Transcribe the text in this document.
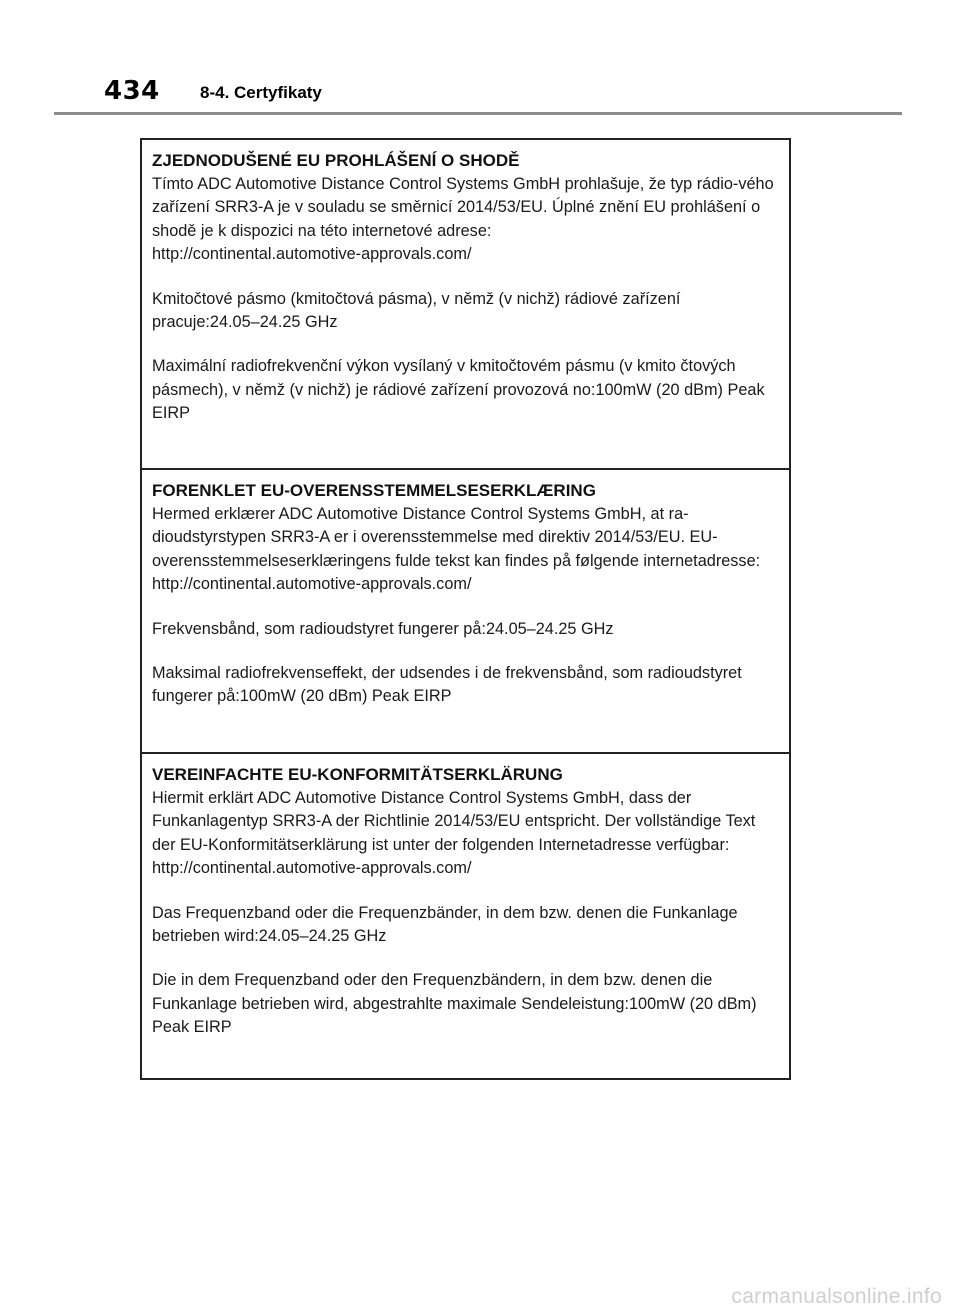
434 8-4. Certyfikaty
ZJEDNODUŠENÉ EU PROHLÁŠENÍ O SHODĚ

Tímto ADC Automotive Distance Control Systems GmbH prohlašuje, že typ rádio-vého zařízení SRR3-A je v souladu se směrnicí 2014/53/EU. Úplné znění EU prohlášení o shodě je k dispozici na této internetové adrese:
http://continental.automotive-approvals.com/

Kmitočtové pásmo (kmitočtová pásma), v němž (v nichž) rádiové zařízení pracuje:24.05–24.25 GHz

Maximální radiofrekvenční výkon vysílaný v kmitočtovém pásmu (v kmito čtových pásmech), v němž (v nichž) je rádiové zařízení provozová no:100mW (20 dBm) Peak EIRP

FORENKLET EU-OVERENSSTEMMELSESERKLÆRING

Hermed erklærer ADC Automotive Distance Control Systems GmbH, at ra-dioudstyrstypen SRR3-A er i overensstemmelse med direktiv 2014/53/EU. EU-overensstemmelseserklæringens fulde tekst kan findes på følgende internetadresse:
http://continental.automotive-approvals.com/

Frekvensbånd, som radioudstyret fungerer på:24.05–24.25 GHz

Maksimal radiofrekvenseffekt, der udsendes i de frekvensbånd, som radioudstyret fungerer på:100mW (20 dBm) Peak EIRP

VEREINFACHTE EU-KONFORMITÄTSERKLÄRUNG

Hiermit erklärt ADC Automotive Distance Control Systems GmbH, dass der Funkanlagentyp SRR3-A der Richtlinie 2014/53/EU entspricht. Der vollständige Text der EU-Konformitätserklärung ist unter der folgenden Internetadresse verfügbar:
http://continental.automotive-approvals.com/

Das Frequenzband oder die Frequenzbänder, in dem bzw. denen die Funkanlage betrieben wird:24.05–24.25 GHz

Die in dem Frequenzband oder den Frequenzbändern, in dem bzw. denen die Funkanlage betrieben wird, abgestrahlte maximale Sendeleistung:100mW (20 dBm) Peak EIRP

carmanualsonline.info
